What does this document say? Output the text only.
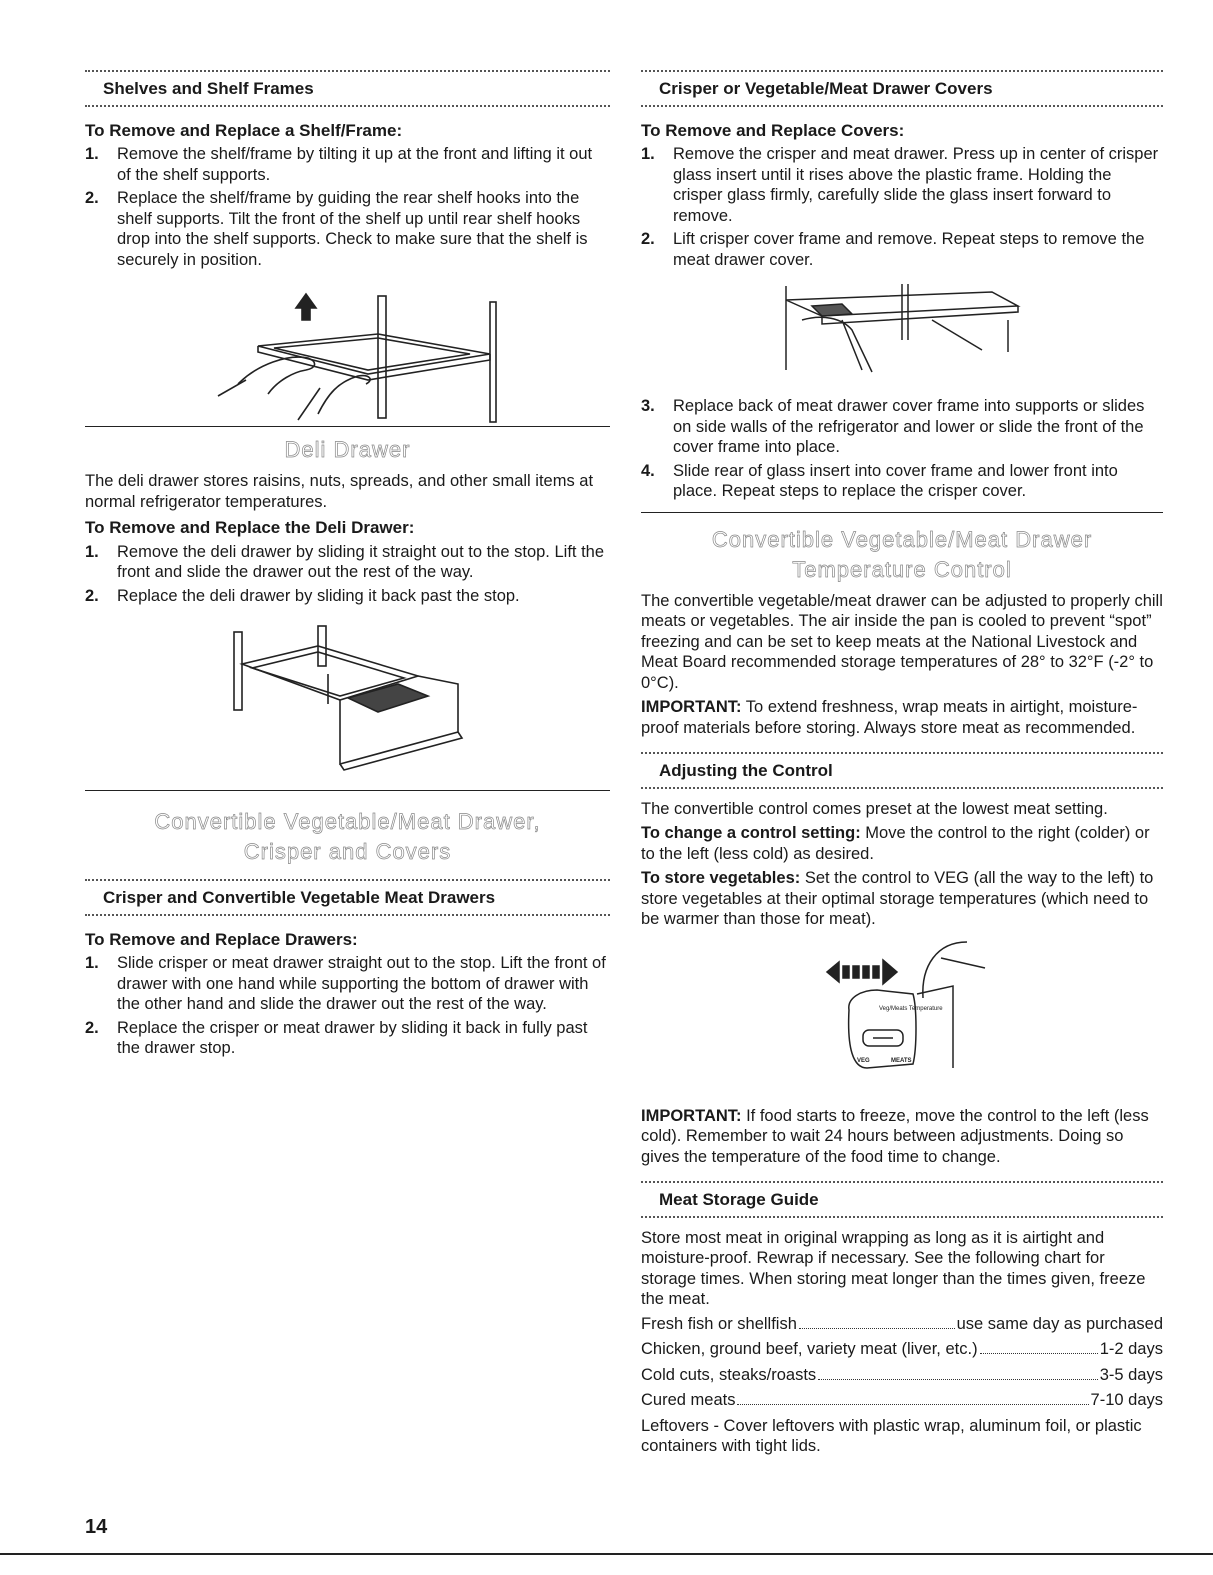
Shelves and Shelf Frames
To Remove and Replace a Shelf/Frame:
1. Remove the shelf/frame by tilting it up at the front and lifting it out of the shelf supports.
2. Replace the shelf/frame by guiding the rear shelf hooks into the shelf supports. Tilt the front of the shelf up until rear shelf hooks drop into the shelf supports. Check to make sure that the shelf is securely in position.
Deli Drawer

The deli drawer stores raisins, nuts, spreads, and other small items at normal refrigerator temperatures.

To Remove and Replace the Deli Drawer:
1. Remove the deli drawer by sliding it straight out to the stop. Lift the front and slide the drawer out the rest of the way.
2. Replace the deli drawer by sliding it back past the stop.
Convertible Vegetable/Meat Drawer,
Crisper and Covers
Crisper and Convertible Vegetable Meat Drawers
To Remove and Replace Drawers:
1. Slide crisper or meat drawer straight out to the stop. Lift the front of drawer with one hand while supporting the bottom of drawer with the other hand and slide the drawer out the rest of the way.
2. Replace the crisper or meat drawer by sliding it back in fully past the drawer stop.
Crisper or Vegetable/Meat Drawer Covers
To Remove and Replace Covers:
1. Remove the crisper and meat drawer. Press up in center of crisper glass insert until it rises above the plastic frame. Holding the crisper glass firmly, carefully slide the glass insert forward to remove.
2. Lift crisper cover frame and remove. Repeat steps to remove the meat drawer cover.
3. Replace back of meat drawer cover frame into supports or slides on side walls of the refrigerator and lower or slide the front of the cover frame into place.
4. Slide rear of glass insert into cover frame and lower front into place. Repeat steps to replace the crisper cover.
Convertible Vegetable/Meat Drawer
Temperature Control

The convertible vegetable/meat drawer can be adjusted to properly chill meats or vegetables. The air inside the pan is cooled to prevent “spot” freezing and can be set to keep meats at the National Livestock and Meat Board recommended storage temperatures of 28° to 32°F (-2° to 0°C).

IMPORTANT: To extend freshness, wrap meats in airtight, moisture-proof materials before storing. Always store meat as recommended.

Adjusting the Control

The convertible control comes preset at the lowest meat setting.

To change a control setting: Move the control to the right (colder) or to the left (less cold) as desired.

To store vegetables: Set the control to VEG (all the way to the left) to store vegetables at their optimal storage temperatures (which need to be warmer than those for meat).

Veg/Meats Temperature
VEG	MEATS

IMPORTANT: If food starts to freeze, move the control to the left (less cold). Remember to wait 24 hours between adjustments. Doing so gives the temperature of the food time to change.

Meat Storage Guide

Store most meat in original wrapping as long as it is airtight and moisture-proof. Rewrap if necessary. See the following chart for storage times. When storing meat longer than the times given, freeze the meat.

Fresh fish or shellfish	use same day as purchased
Chicken, ground beef, variety meat (liver, etc.)	1-2 days
Cold cuts, steaks/roasts	3-5 days
Cured meats	7-10 days

Leftovers - Cover leftovers with plastic wrap, aluminum foil, or plastic containers with tight lids.

14
